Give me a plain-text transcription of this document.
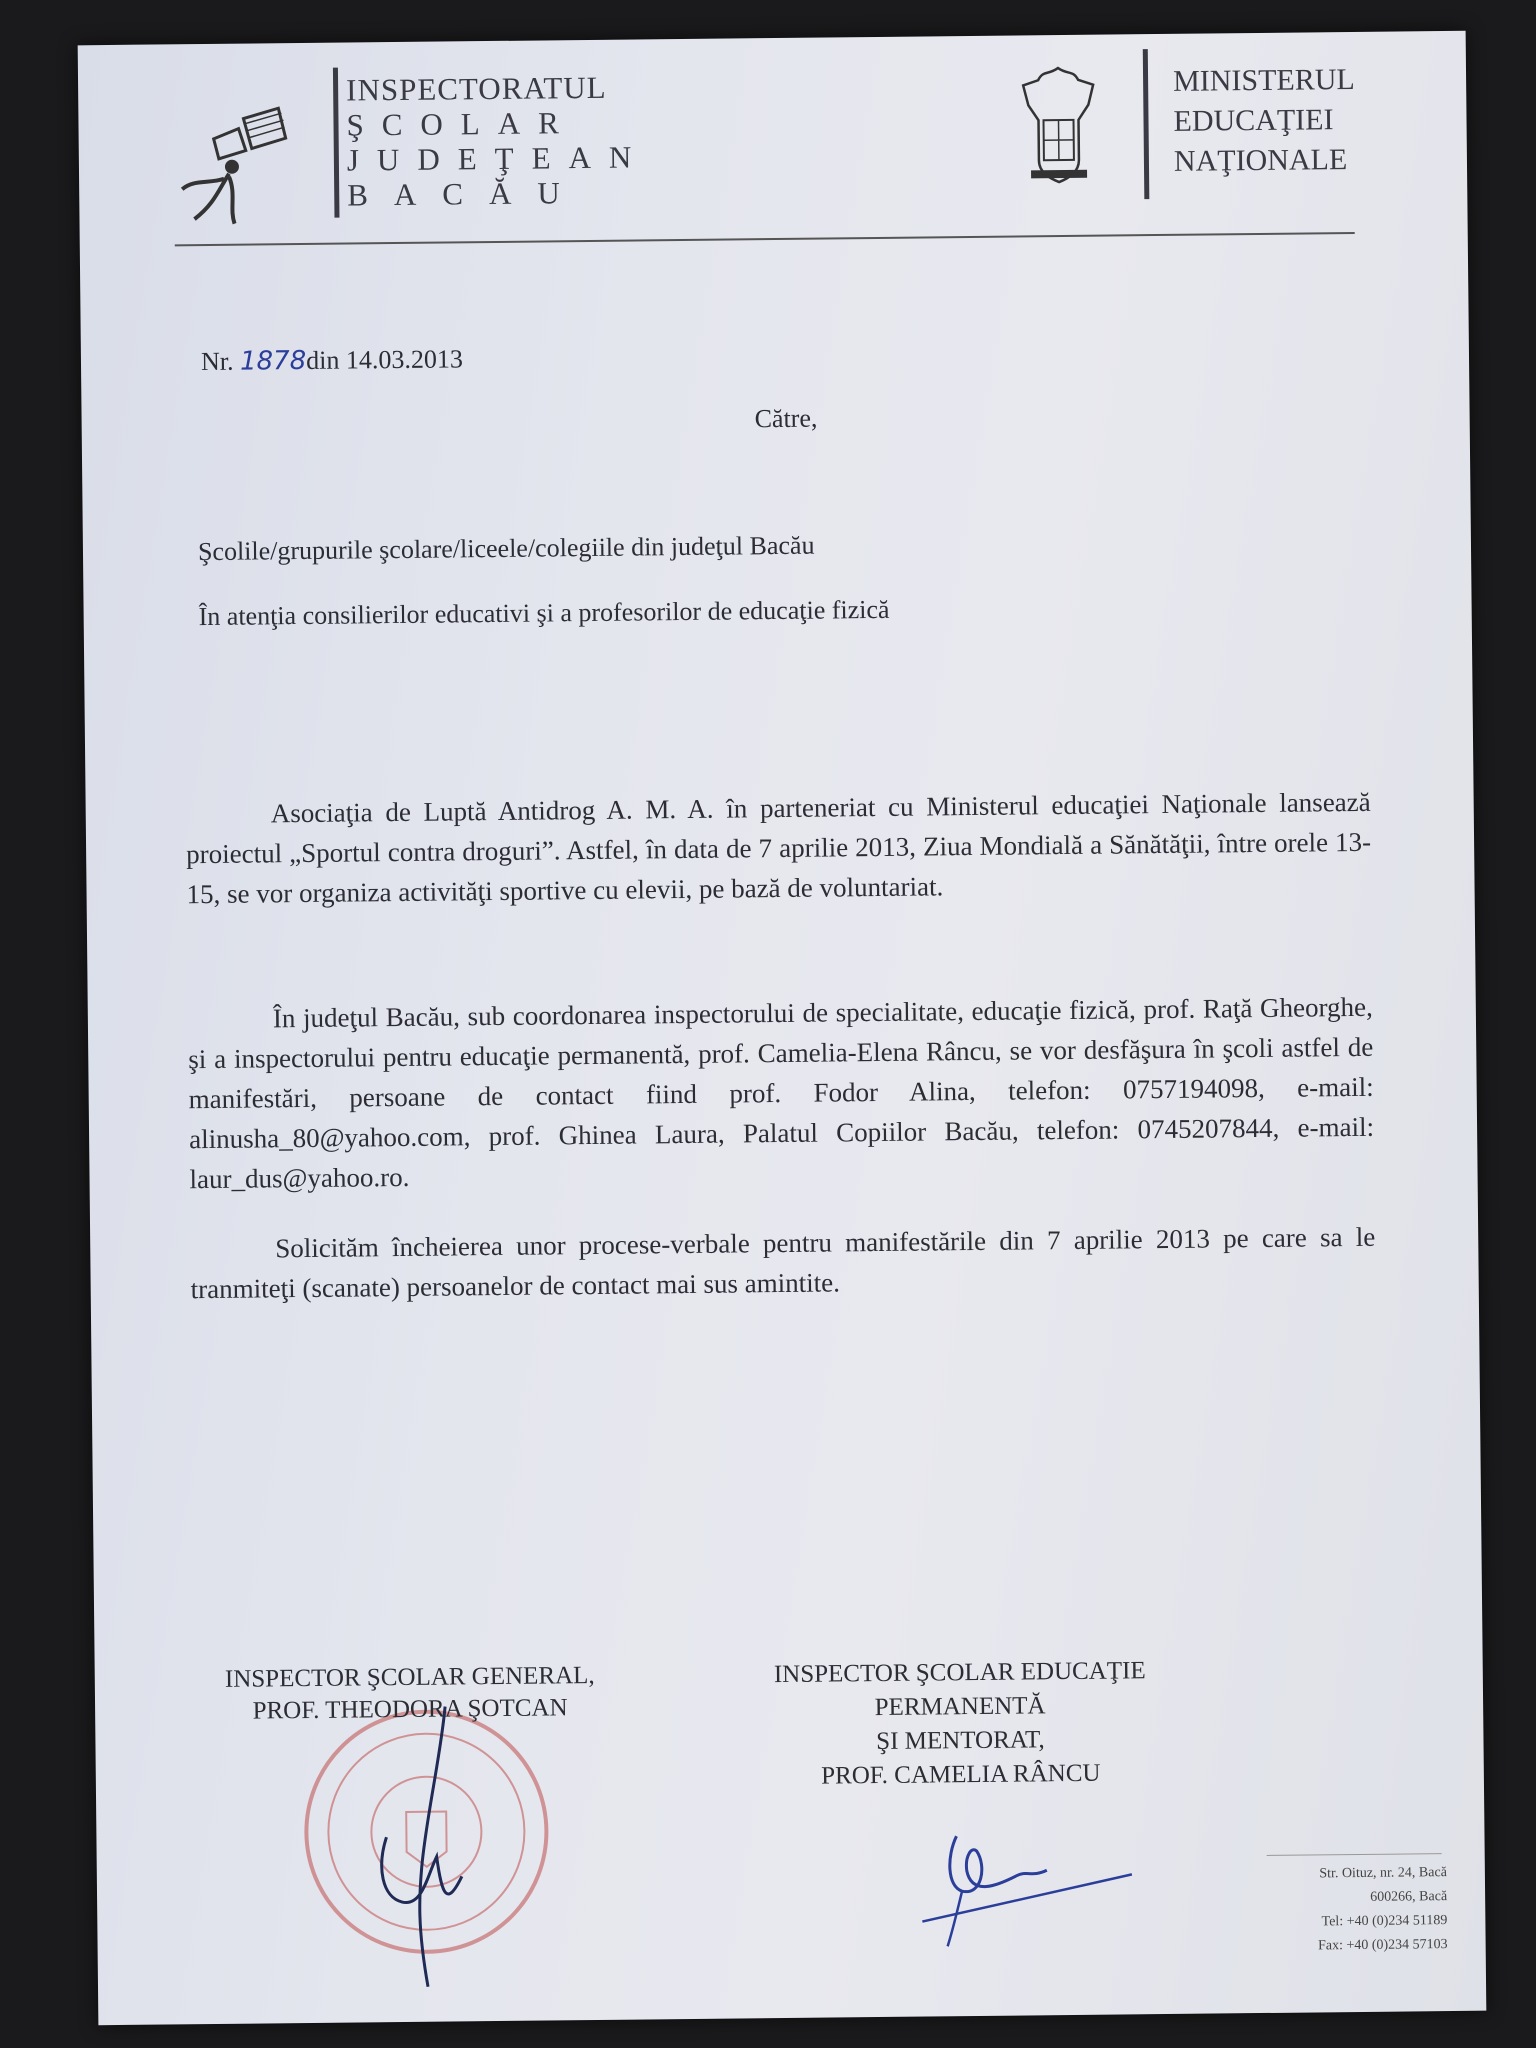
INSPECTORATUL
ŞCOLAR
JUDEŢEAN
BACĂU
MINISTERUL
EDUCAŢIEI
NAŢIONALE
Nr. 1878din 14.03.2013
Către,
Şcolile/grupurile şcolare/liceele/colegiile din judeţul Bacău
În atenţia consilierilor educativi şi a profesorilor de educaţie fizică
Asociaţia de Luptă Antidrog A. M. A. în parteneriat cu Ministerul educaţiei Naţionale lansează proiectul „Sportul contra droguri”. Astfel, în data de 7 aprilie 2013, Ziua Mondială a Sănătăţii, între orele 13-15, se vor organiza activităţi sportive cu elevii, pe bază de voluntariat.
În judeţul Bacău, sub coordonarea inspectorului de specialitate, educaţie fizică, prof. Raţă Gheorghe, şi a inspectorului pentru educaţie permanentă, prof. Camelia-Elena Râncu, se vor desfăşura în şcoli astfel de manifestări, persoane de contact fiind prof. Fodor Alina, telefon: 0757194098, e-mail: alinusha_80@yahoo.com, prof. Ghinea Laura, Palatul Copiilor Bacău, telefon: 0745207844, e-mail: laur_dus@yahoo.ro.
Solicităm încheierea unor procese-verbale pentru manifestările din 7 aprilie 2013 pe care sa le tranmiteţi (scanate) persoanelor de contact mai sus amintite.
INSPECTOR ŞCOLAR GENERAL,
PROF. THEODORA ŞOTCAN
INSPECTOR ŞCOLAR EDUCAŢIE
PERMANENTĂ
ŞI MENTORAT,
PROF. CAMELIA RÂNCU
Str. Oituz, nr. 24, Bacă
600266, Bacă
Tel: +40 (0)234 51189
Fax: +40 (0)234 57103
